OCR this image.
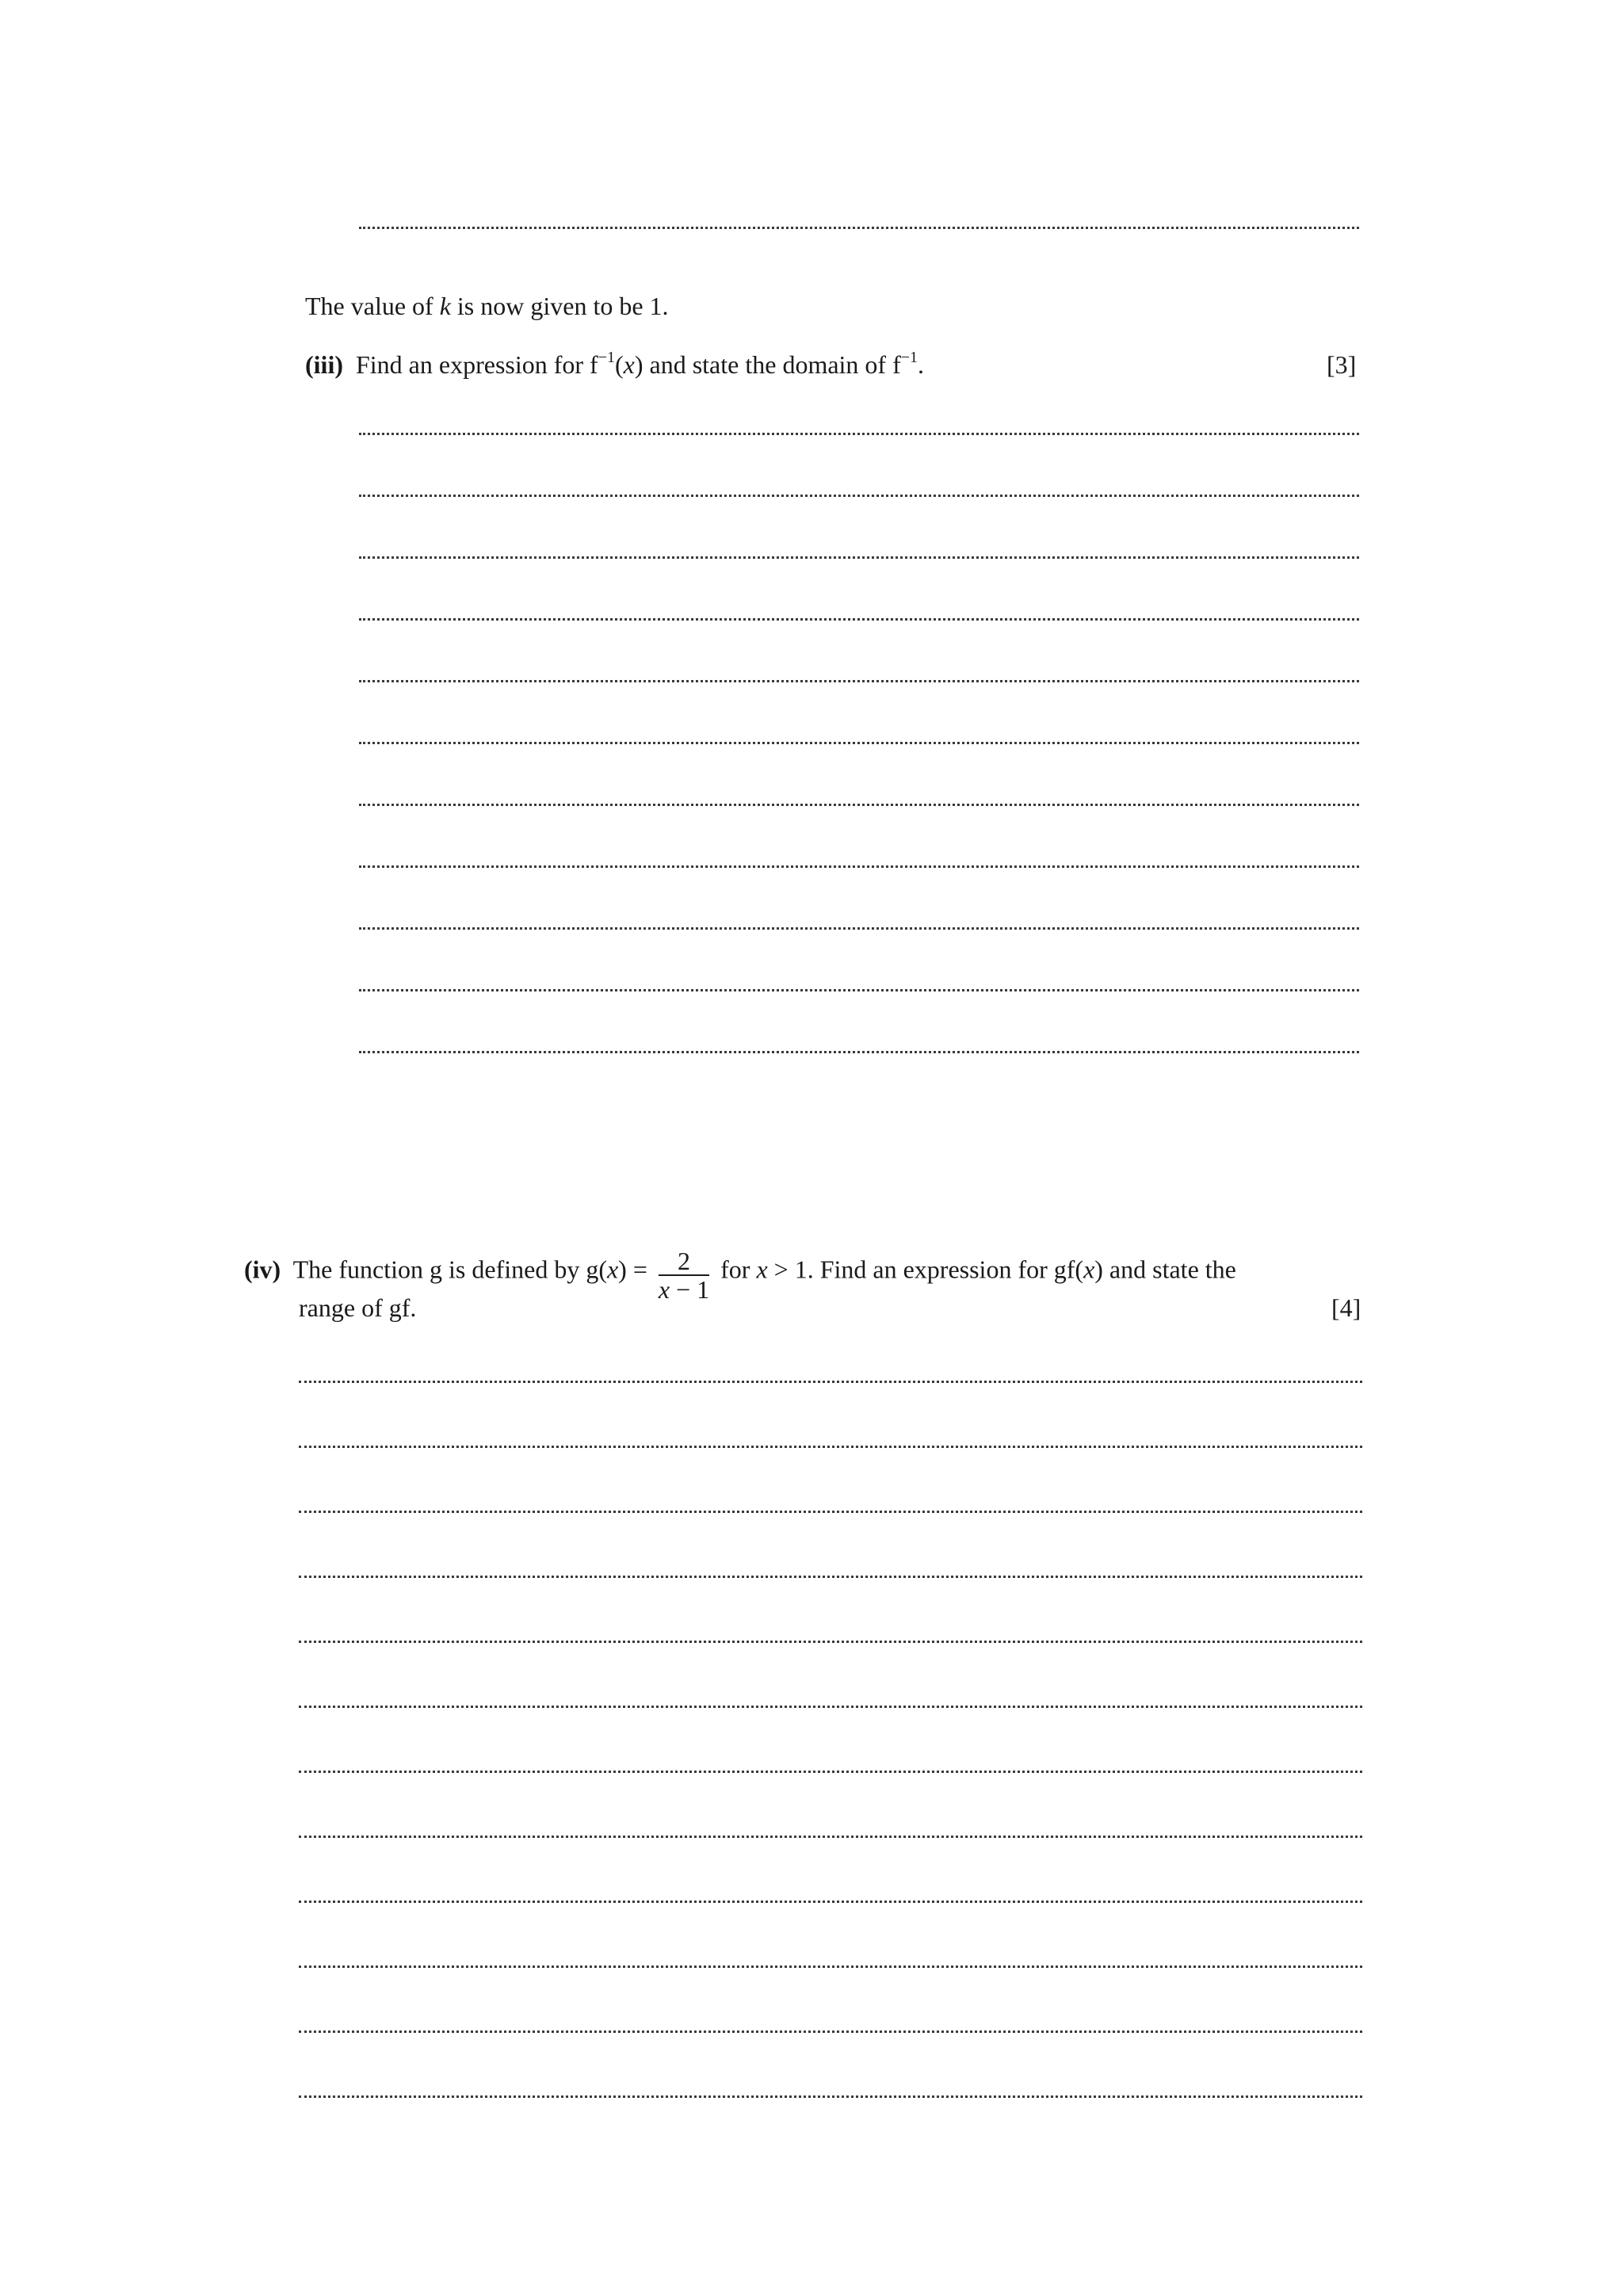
The value of k is now given to be 1.
(iii) Find an expression for $f^{-1}(x)$ and state the domain of $f^{-1}$.	[3]
(iv) The function g is defined by $g(x) = \frac{2}{x - 1}$ for x > 1. Find an expression for gf(x) and state the
range of gf.	[4]
